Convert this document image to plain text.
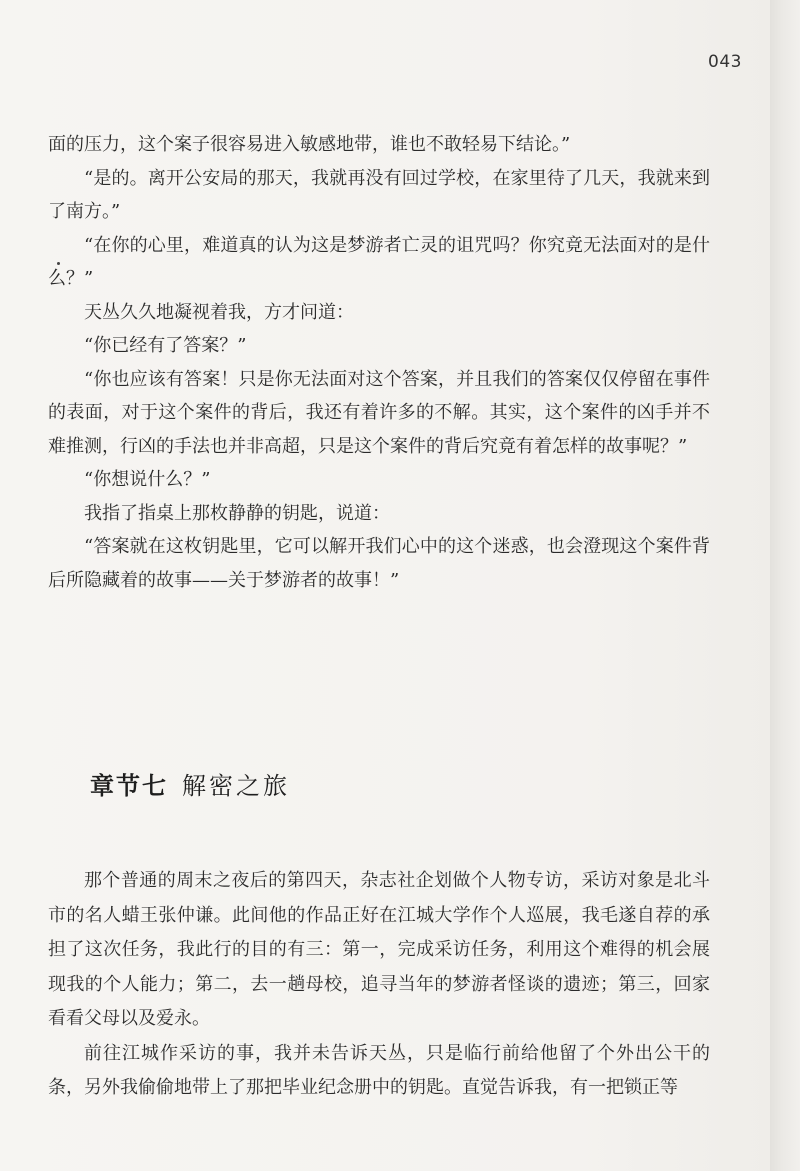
043

面的压力，这个案子很容易进入敏感地带，谁也不敢轻易下结论。”

“是的。离开公安局的那天，我就再没有回过学校，在家里待了几天，我就来到了南方。”

“在你的心里，难道真的认为这是梦游者亡灵的诅咒吗？你究竟无法面对的是什么？”

天丛久久地凝视着我，方才问道：

“你已经有了答案？”

“你也应该有答案！只是你无法面对这个答案，并且我们的答案仅仅停留在事件的表面，对于这个案件的背后，我还有着许多的不解。其实，这个案件的凶手并不难推测，行凶的手法也并非高超，只是这个案件的背后究竟有着怎样的故事呢？”

“你想说什么？”

我指了指桌上那枚静静的钥匙，说道：

“答案就在这枚钥匙里，它可以解开我们心中的这个迷惑，也会澄现这个案件背后所隐藏着的故事——关于梦游者的故事！”

章节七 解密之旅

那个普通的周末之夜后的第四天，杂志社企划做个人物专访，采访对象是北斗市的名人蜡王张仲谦。此间他的作品正好在江城大学作个人巡展，我毛遂自荐的承担了这次任务，我此行的目的有三：第一，完成采访任务，利用这个难得的机会展现我的个人能力；第二，去一趟母校，追寻当年的梦游者怪谈的遗迹；第三，回家看看父母以及爱永。

前往江城作采访的事，我并未告诉天丛，只是临行前给他留了个外出公干的条，另外我偷偷地带上了那把毕业纪念册中的钥匙。直觉告诉我，有一把锁正等
